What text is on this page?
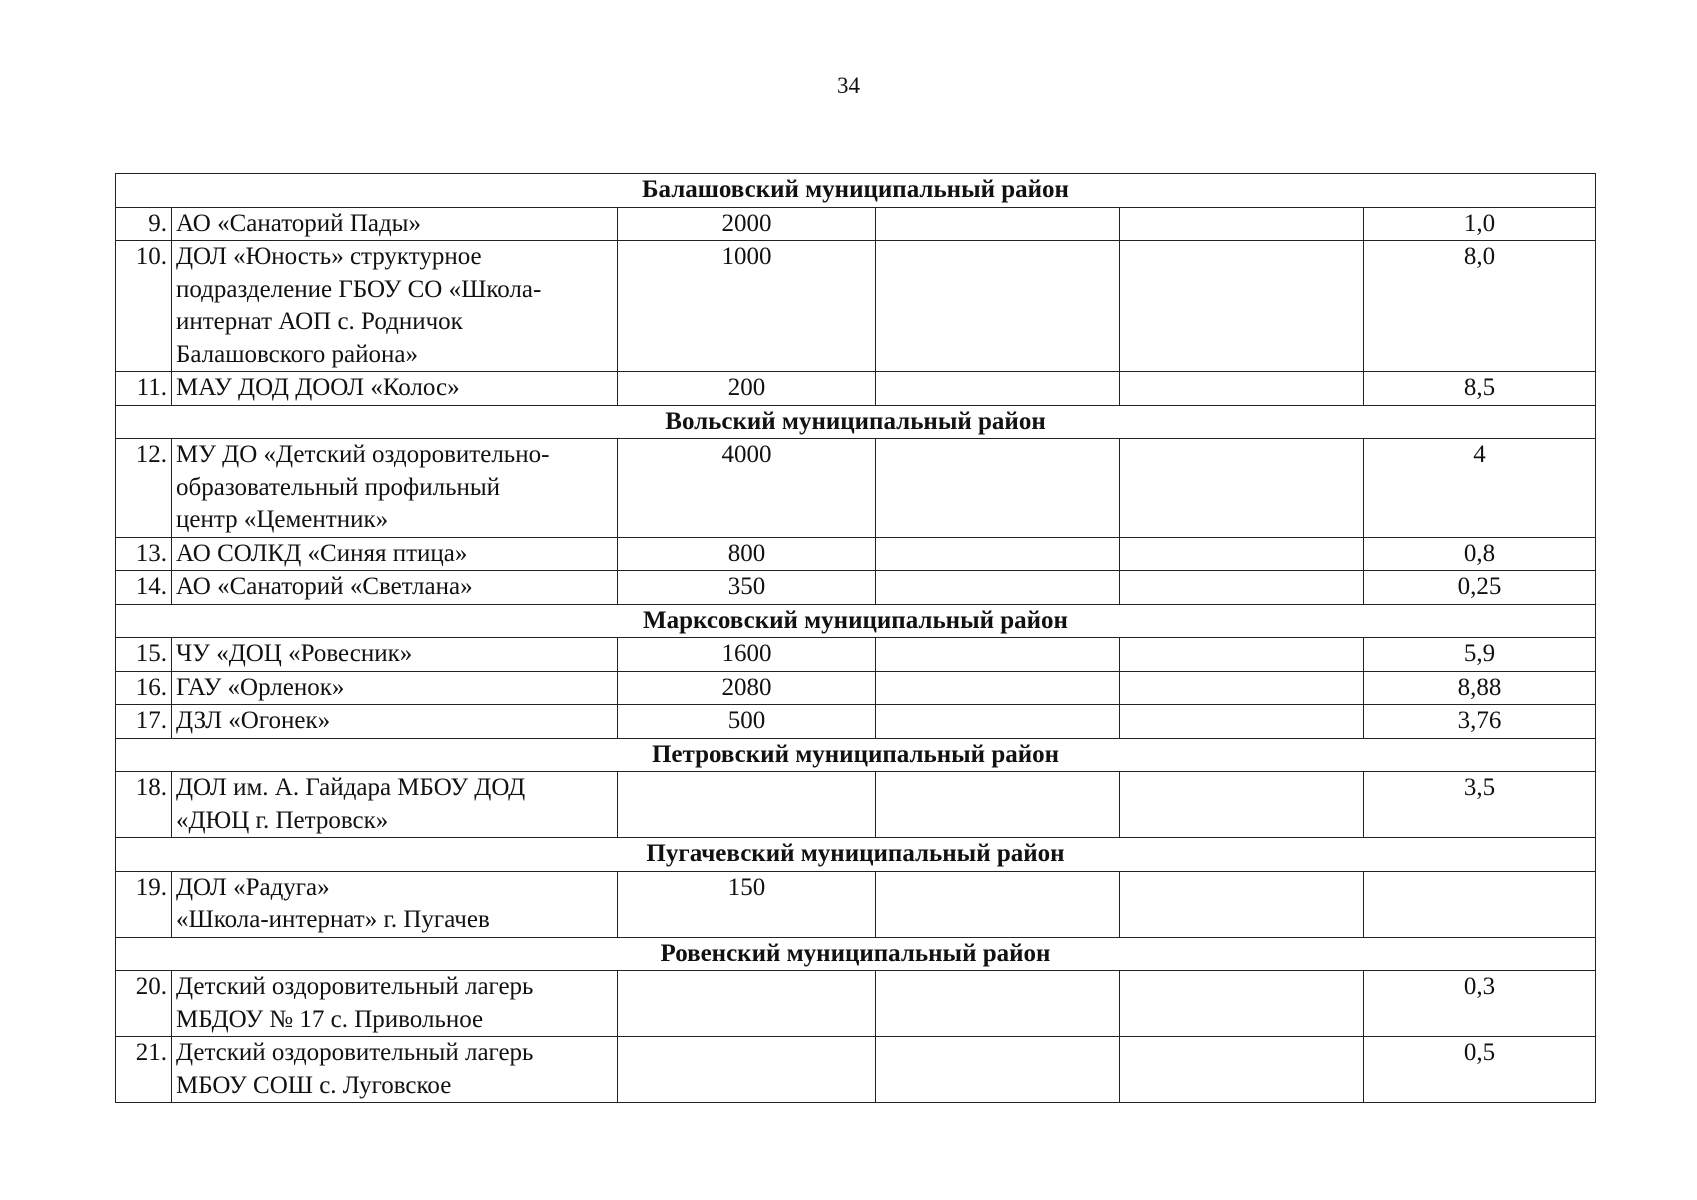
34
Балашовский муниципальный район					
9.	АО «Санаторий Пады»	2000			1,0
10.	ДОЛ «Юность» структурное
подразделение ГБОУ СО «Школа-
интернат АОП с. Родничок
Балашовского района»	1000			8,0
11.	МАУ ДОД ДООЛ «Колос»	200			8,5
Вольский муниципальный район					
12.	МУ ДО «Детский оздоровительно-
образовательный профильный
центр «Цементник»	4000			4
13.	АО СОЛКД «Синяя птица»	800			0,8
14.	АО «Санаторий «Светлана»	350			0,25
Марксовский муниципальный район					
15.	ЧУ «ДОЦ «Ровесник»	1600			5,9
16.	ГАУ «Орленок»	2080			8,88
17.	ДЗЛ «Огонек»	500			3,76
Петровский муниципальный район					
18.	ДОЛ им. А. Гайдара МБОУ ДОД
«ДЮЦ г. Петровск»				3,5
Пугачевский муниципальный район					
19.	ДОЛ «Радуга»
«Школа-интернат» г. Пугачев	150			
Ровенский муниципальный район					
20.	Детский оздоровительный лагерь
МБДОУ № 17 с. Привольное				0,3
21.	Детский оздоровительный лагерь
МБОУ СОШ с. Луговское				0,5
